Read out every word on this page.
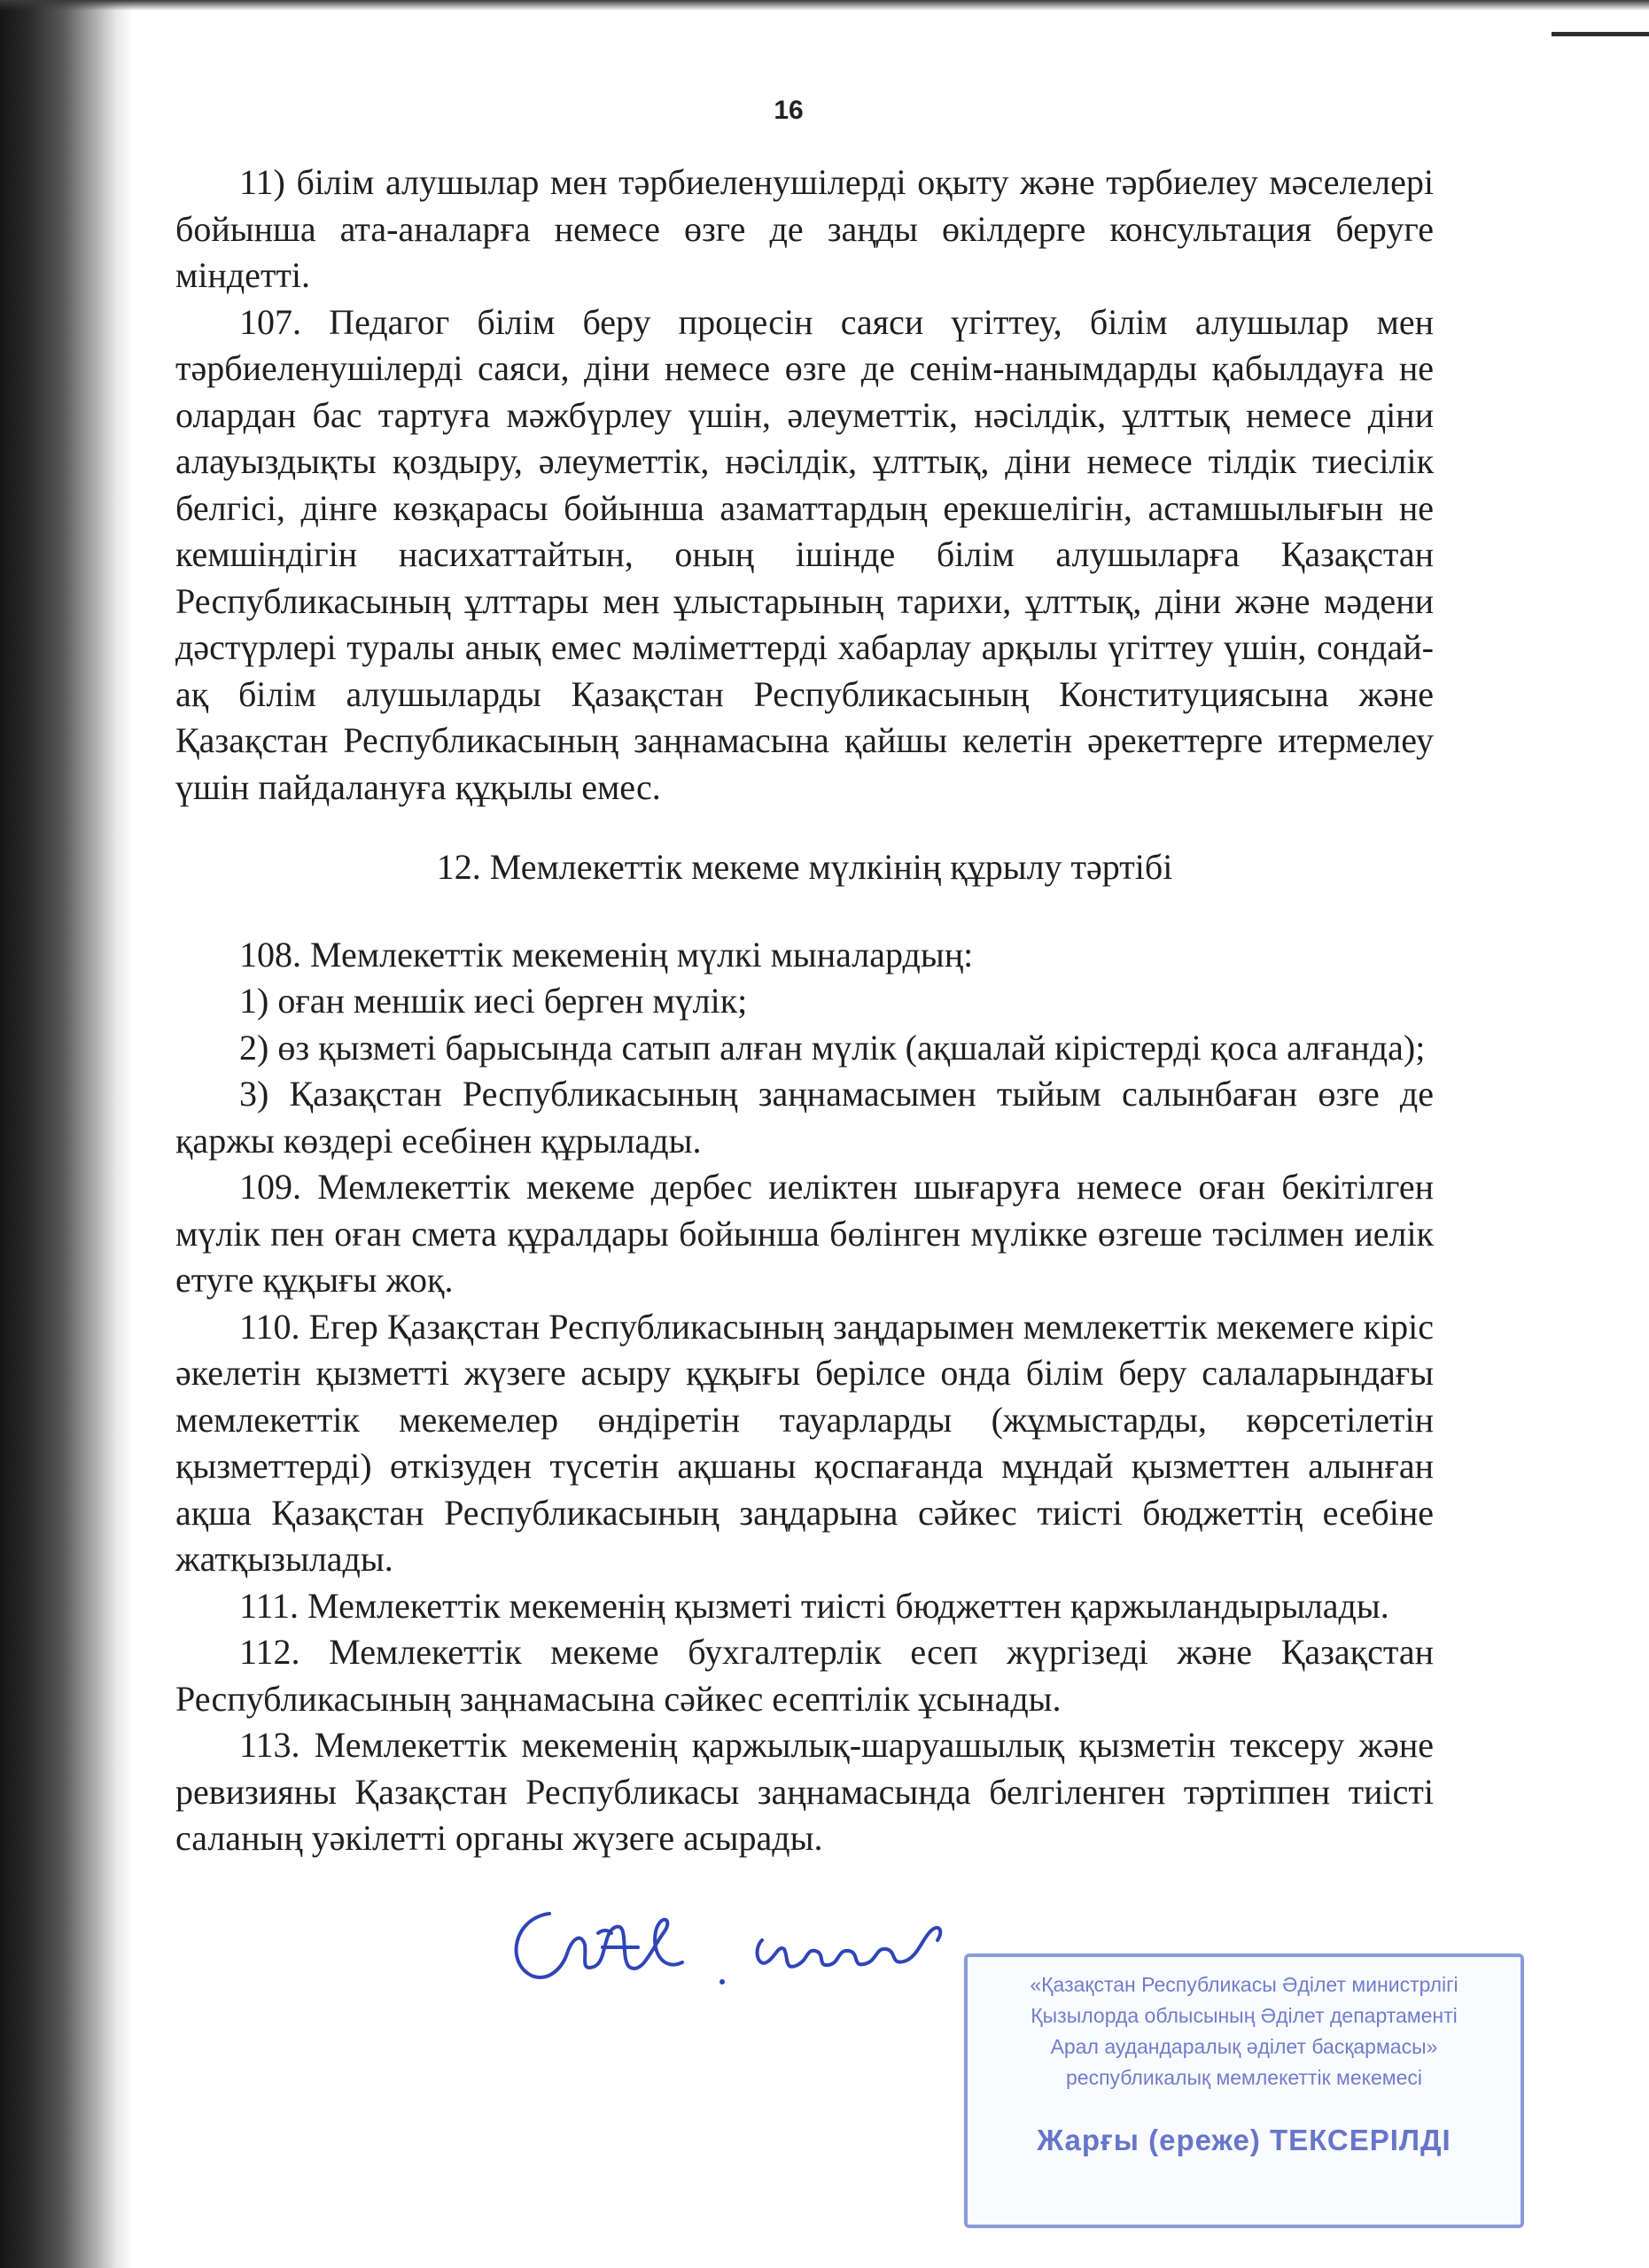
16

11) білім алушылар мен тәрбиеленушілерді оқыту және тәрбиелеу мәселелері бойынша ата-аналарға немесе өзге де заңды өкілдерге консультация беруге міндетті.

107. Педагог білім беру процесін саяси үгіттеу, білім алушылар мен тәрбиеленушілерді саяси, діни немесе өзге де сенім-нанымдарды қабылдауға не олардан бас тартуға мәжбүрлеу үшін, әлеуметтік, нәсілдік, ұлттық немесе діни алауыздықты қоздыру, әлеуметтік, нәсілдік, ұлттық, діни немесе тілдік тиесілік белгісі, дінге көзқарасы бойынша азаматтардың ерекшелігін, астамшылығын не кемшіндігін насихаттайтын, оның ішінде білім алушыларға Қазақстан Республикасының ұлттары мен ұлыстарының тарихи, ұлттық, діни және мәдени дәстүрлері туралы анық емес мәліметтерді хабарлау арқылы үгіттеу үшін, сондай-ақ білім алушыларды Қазақстан Республикасының Конституциясына және Қазақстан Республикасының заңнамасына қайшы келетін әрекеттерге итермелеу үшін пайдалануға құқылы емес.

12. Мемлекеттік мекеме мүлкінің құрылу тәртібі

108. Мемлекеттік мекеменің мүлкі мыналардың:

1) оған меншік иесі берген мүлік;

2) өз қызметі барысында сатып алған мүлік (ақшалай кірістерді қоса алғанда);

3) Қазақстан Республикасының заңнамасымен тыйым салынбаған өзге де қаржы көздері есебінен құрылады.

109. Мемлекеттік мекеме дербес иеліктен шығаруға немесе оған бекітілген мүлік пен оған смета құралдары бойынша бөлінген мүлікке өзгеше тәсілмен иелік етуге құқығы жоқ.

110. Егер Қазақстан Республикасының заңдарымен мемлекеттік мекемеге кіріс әкелетін қызметті жүзеге асыру құқығы берілсе онда білім беру салаларындағы мемлекеттік мекемелер өндіретін тауарларды (жұмыстарды, көрсетілетін қызметтерді) өткізуден түсетін ақшаны қоспағанда мұндай қызметтен алынған ақша Қазақстан Республикасының заңдарына сәйкес тиісті бюджеттің есебіне жатқызылады.

111. Мемлекеттік мекеменің қызметі тиісті бюджеттен қаржыландырылады.

112. Мемлекеттік мекеме бухгалтерлік есеп жүргізеді және Қазақстан Республикасының заңнамасына сәйкес есептілік ұсынады.

113. Мемлекеттік мекеменің қаржылық-шаруашылық қызметін тексеру және ревизияны Қазақстан Республикасы заңнамасында белгіленген тәртіппен тиісті саланың уәкілетті органы жүзеге асырады.

«Қазақстан Республикасы Әділет министрлігі
Қызылорда облысының Әділет департаменті
Арал аудандаралық әділет басқармасы»
республикалық мемлекеттік мекемесі
Жарғы (ереже) ТЕКСЕРІЛДІ
